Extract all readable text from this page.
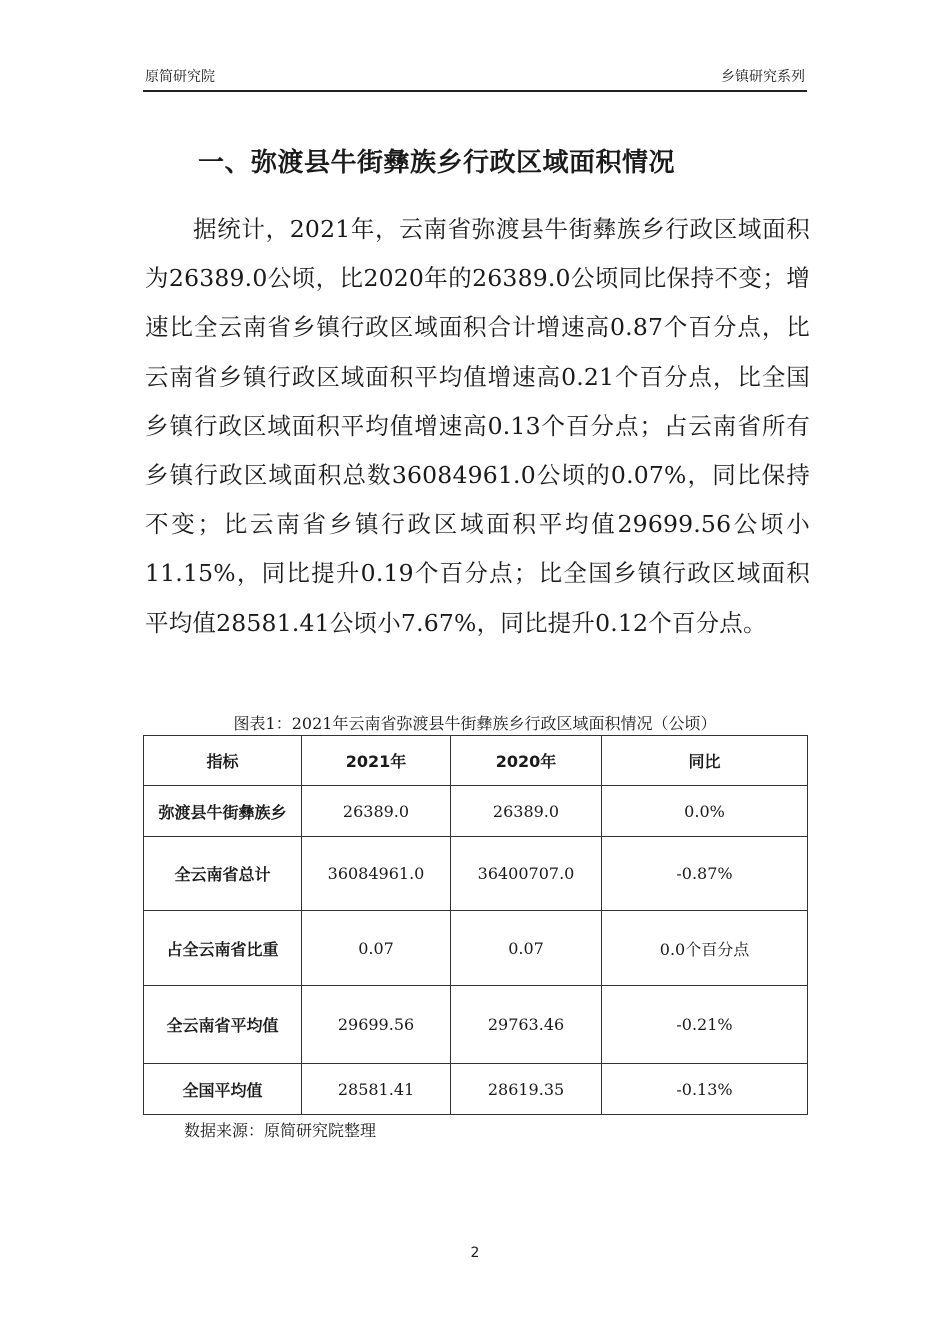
原简研究院	乡镇研究系列
一、弥渡县牛街彝族乡行政区域面积情况

据统计，2021年，云南省弥渡县牛街彝族乡行政区域面积为26389.0公顷，比2020年的26389.0公顷同比保持不变；增速比全云南省乡镇行政区域面积合计增速高0.87个百分点，比云南省乡镇行政区域面积平均值增速高0.21个百分点，比全国乡镇行政区域面积平均值增速高0.13个百分点；占云南省所有乡镇行政区域面积总数36084961.0公顷的0.07%，同比保持不变；比云南省乡镇行政区域面积平均值29699.56公顷小11.15%，同比提升0.19个百分点；比全国乡镇行政区域面积平均值28581.41公顷小7.67%，同比提升0.12个百分点。

图表1：2021年云南省弥渡县牛街彝族乡行政区域面积情况（公顷）
指标	2021年	2020年	同比
弥渡县牛街彝族乡	26389.0	26389.0	0.0%
全云南省总计	36084961.0	36400707.0	-0.87%
占全云南省比重	0.07	0.07	0.0个百分点
全云南省平均值	29699.56	29763.46	-0.21%
全国平均值	28581.41	28619.35	-0.13%
数据来源：原简研究院整理
2
